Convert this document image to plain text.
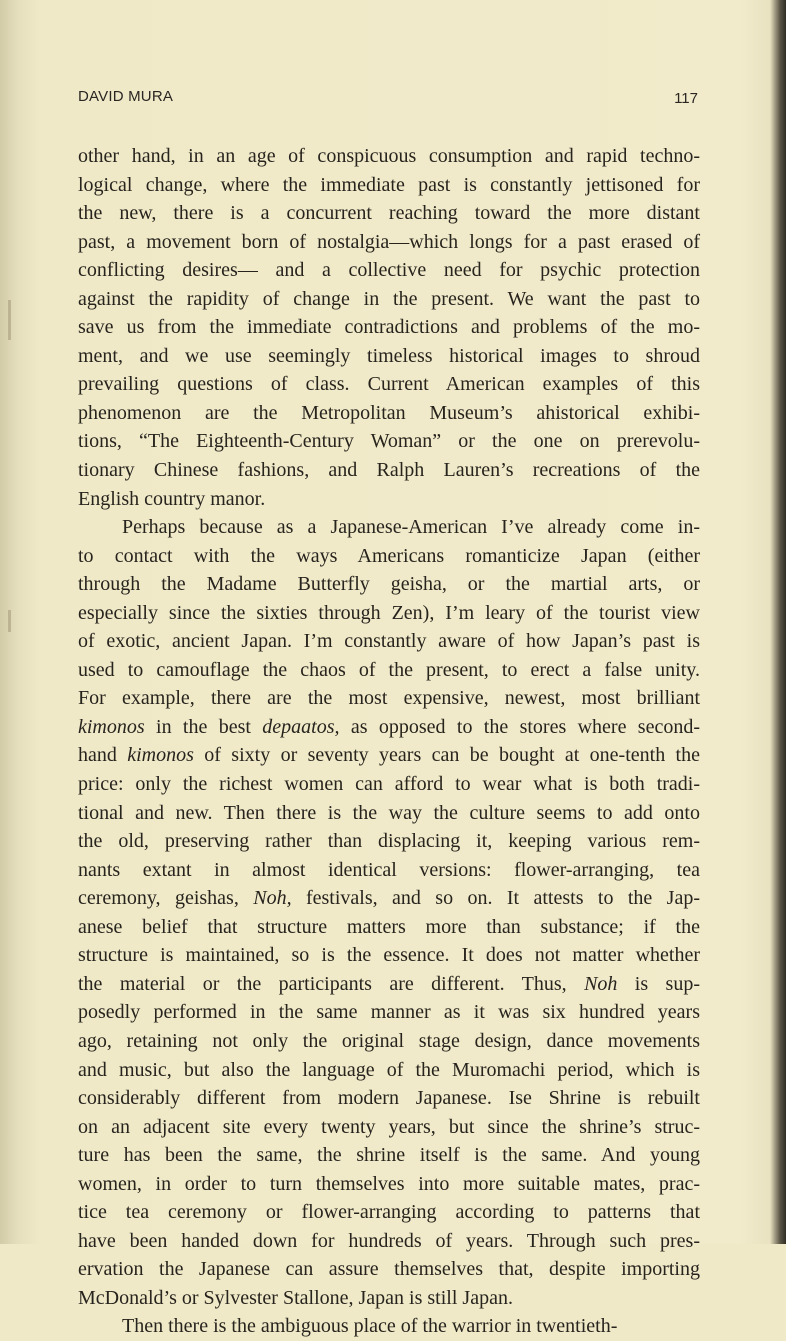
DAVID MURA	117
other hand, in an age of conspicuous consumption and rapid techno-
logical change, where the immediate past is constantly jettisoned for
the new, there is a concurrent reaching toward the more distant
past, a movement born of nostalgia—which longs for a past erased of
conflicting desires— and a collective need for psychic protection
against the rapidity of change in the present. We want the past to
save us from the immediate contradictions and problems of the mo-
ment, and we use seemingly timeless historical images to shroud
prevailing questions of class. Current American examples of this
phenomenon are the Metropolitan Museum’s ahistorical exhibi-
tions, “The Eighteenth-Century Woman” or the one on prerevolu-
tionary Chinese fashions, and Ralph Lauren’s recreations of the
English country manor.
Perhaps because as a Japanese-American I’ve already come in-
to contact with the ways Americans romanticize Japan (either
through the Madame Butterfly geisha, or the martial arts, or
especially since the sixties through Zen), I’m leary of the tourist view
of exotic, ancient Japan. I’m constantly aware of how Japan’s past is
used to camouflage the chaos of the present, to erect a false unity.
For example, there are the most expensive, newest, most brilliant
kimonos in the best depaatos, as opposed to the stores where second-
hand kimonos of sixty or seventy years can be bought at one-tenth the
price: only the richest women can afford to wear what is both tradi-
tional and new. Then there is the way the culture seems to add onto
the old, preserving rather than displacing it, keeping various rem-
nants extant in almost identical versions: flower-arranging, tea
ceremony, geishas, Noh, festivals, and so on. It attests to the Jap-
anese belief that structure matters more than substance; if the
structure is maintained, so is the essence. It does not matter whether
the material or the participants are different. Thus, Noh is sup-
posedly performed in the same manner as it was six hundred years
ago, retaining not only the original stage design, dance movements
and music, but also the language of the Muromachi period, which is
considerably different from modern Japanese. Ise Shrine is rebuilt
on an adjacent site every twenty years, but since the shrine’s struc-
ture has been the same, the shrine itself is the same. And young
women, in order to turn themselves into more suitable mates, prac-
tice tea ceremony or flower-arranging according to patterns that
have been handed down for hundreds of years. Through such pres-
ervation the Japanese can assure themselves that, despite importing
McDonald’s or Sylvester Stallone, Japan is still Japan.
Then there is the ambiguous place of the warrior in twentieth-
